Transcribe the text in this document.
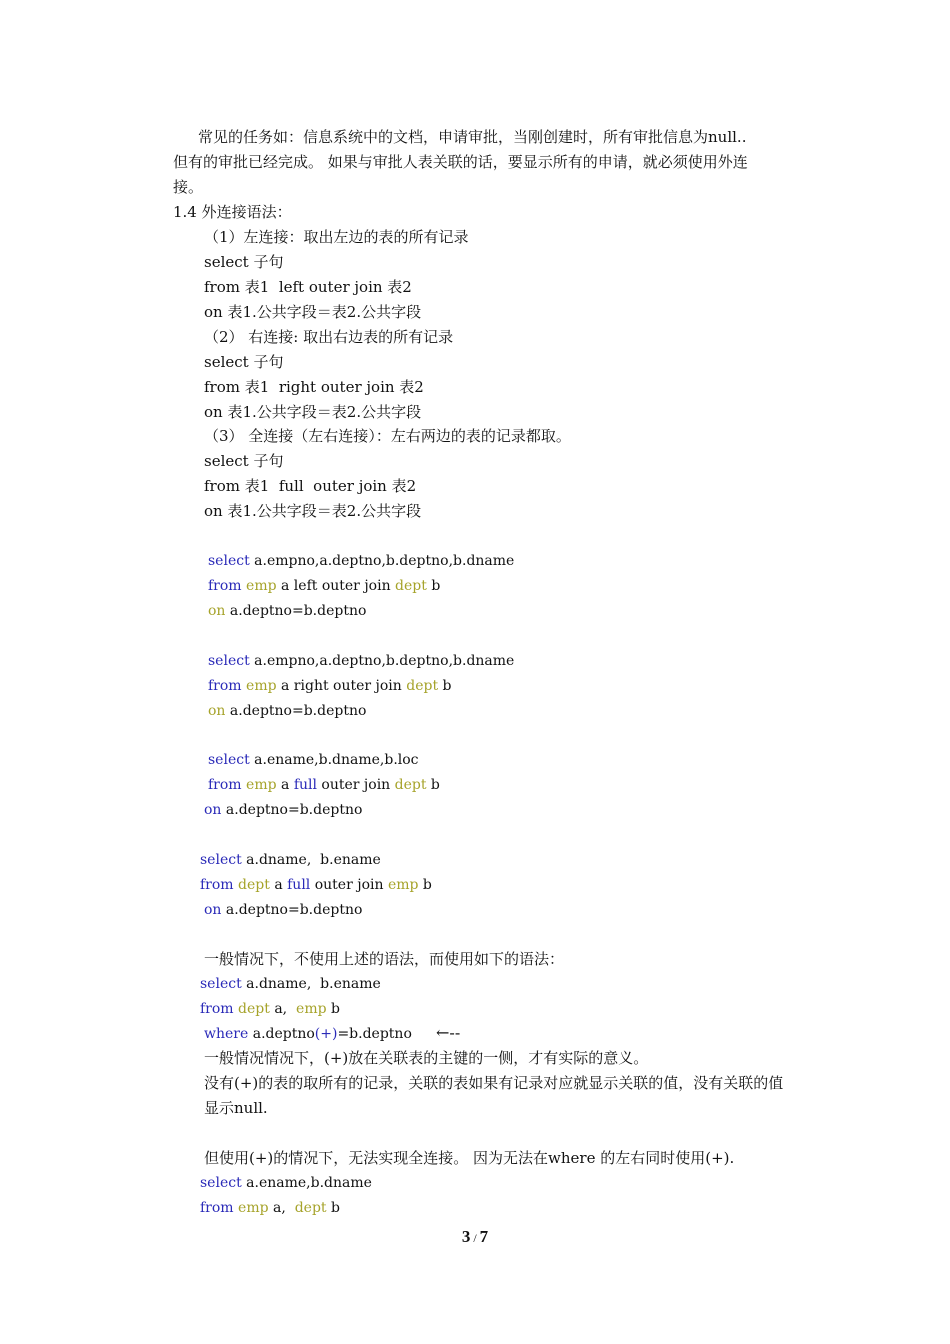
常见的任务如：信息系统中的文档，申请审批，当刚创建时，所有审批信息为null..
但有的审批已经完成。 如果与审批人表关联的话，要显示所有的申请，就必须使用外连
接。
1.4 外连接语法：
（1）左连接：取出左边的表的所有记录
select 子句
from 表1  left outer join 表2
on 表1.公共字段＝表2.公共字段
（2） 右连接: 取出右边表的所有记录
select 子句
from 表1  right outer join 表2
on 表1.公共字段＝表2.公共字段
（3） 全连接（左右连接）：左右两边的表的记录都取。
select 子句
from 表1  full  outer join 表2
on 表1.公共字段＝表2.公共字段
select a.empno,a.deptno,b.deptno,b.dname
from emp a left outer join dept b
on a.deptno=b.deptno
select a.empno,a.deptno,b.deptno,b.dname
from emp a right outer join dept b
on a.deptno=b.deptno
select a.ename,b.dname,b.loc
from emp a full outer join dept b
on a.deptno=b.deptno
select a.dname,  b.ename
from dept a full outer join emp b
on a.deptno=b.deptno
一般情况下，不使用上述的语法，而使用如下的语法：
select a.dname,  b.ename
from dept a,  emp b
where a.deptno(+)=b.deptno ←--
一般情况情况下，(+)放在关联表的主键的一侧，才有实际的意义。
没有(+)的表的取所有的记录，关联的表如果有记录对应就显示关联的值，没有关联的值
显示null.
但使用(+)的情况下，无法实现全连接。 因为无法在where 的左右同时使用(+).
select a.ename,b.dname
from emp a,  dept b
3 / 7
